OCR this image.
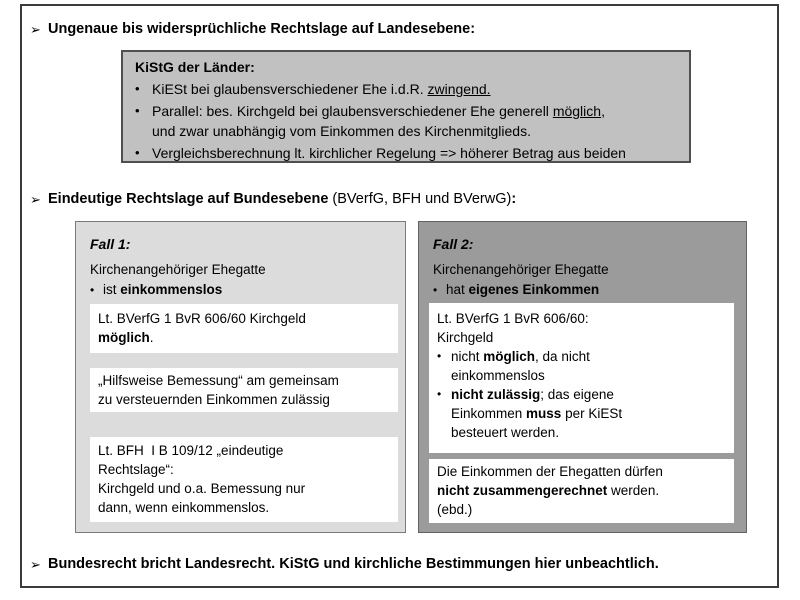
➢ Ungenaue bis widersprüchliche Rechtslage auf Landesebene:
KiStG der Länder:
• KiESt bei glaubensverschiedener Ehe i.d.R. zwingend.
• Parallel: bes. Kirchgeld bei glaubensverschiedener Ehe generell möglich,
und zwar unabhängig vom Einkommen des Kirchenmitglieds.
• Vergleichsberechnung lt. kirchlicher Regelung => höherer Betrag aus beiden
➢ Eindeutige Rechtslage auf Bundesebene (BVerfG, BFH und BVerwG):
Fall 1:
Kirchenangehöriger Ehegatte
• ist einkommenslos
Lt. BVerfG 1 BvR 606/60 Kirchgeld
möglich.
„Hilfsweise Bemessung“ am gemeinsam
zu versteuernden Einkommen zulässig
Lt. BFH  I B 109/12 „eindeutige
Rechtslage“:
Kirchgeld und o.a. Bemessung nur
dann, wenn einkommenslos.
Fall 2:
Kirchenangehöriger Ehegatte
• hat eigenes Einkommen
Lt. BVerfG 1 BvR 606/60:
Kirchgeld
• nicht möglich, da nicht
einkommenslos
• nicht zulässig; das eigene
Einkommen muss per KiESt
besteuert werden.
Die Einkommen der Ehegatten dürfen
nicht zusammengerechnet werden.
(ebd.)
➢ Bundesrecht bricht Landesrecht. KiStG und kirchliche Bestimmungen hier unbeachtlich.
